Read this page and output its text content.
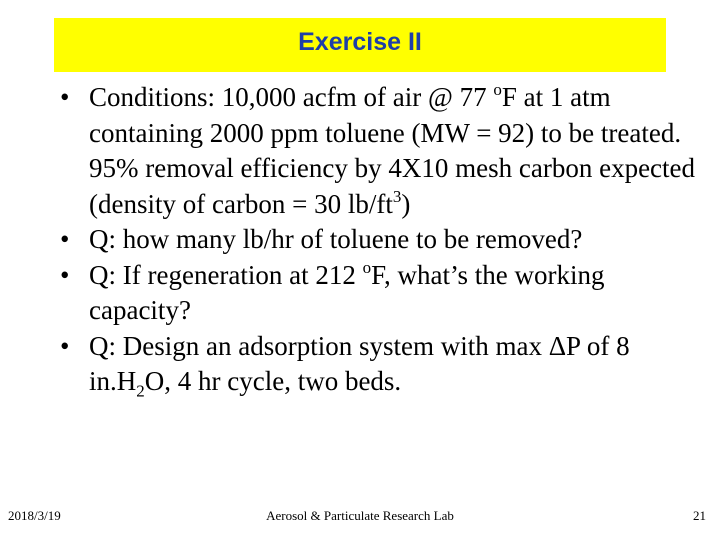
Exercise II
• Conditions: 10,000 acfm of air @ 77 $^o$F at 1 atm containing 2000 ppm toluene (MW = 92) to be treated. 95% removal efficiency by 4X10 mesh carbon expected (density of carbon = 30 $lb/ft^3$)
• Q: how many lb/hr of toluene to be removed?
• Q: If regeneration at 212 $^o$F, what’s the working capacity?
• Q: Design an adsorption system with max ΔP of 8 $in.H_2O$, 4 hr cycle, two beds.
2018/3/19	Aerosol & Particulate Research Lab	21
